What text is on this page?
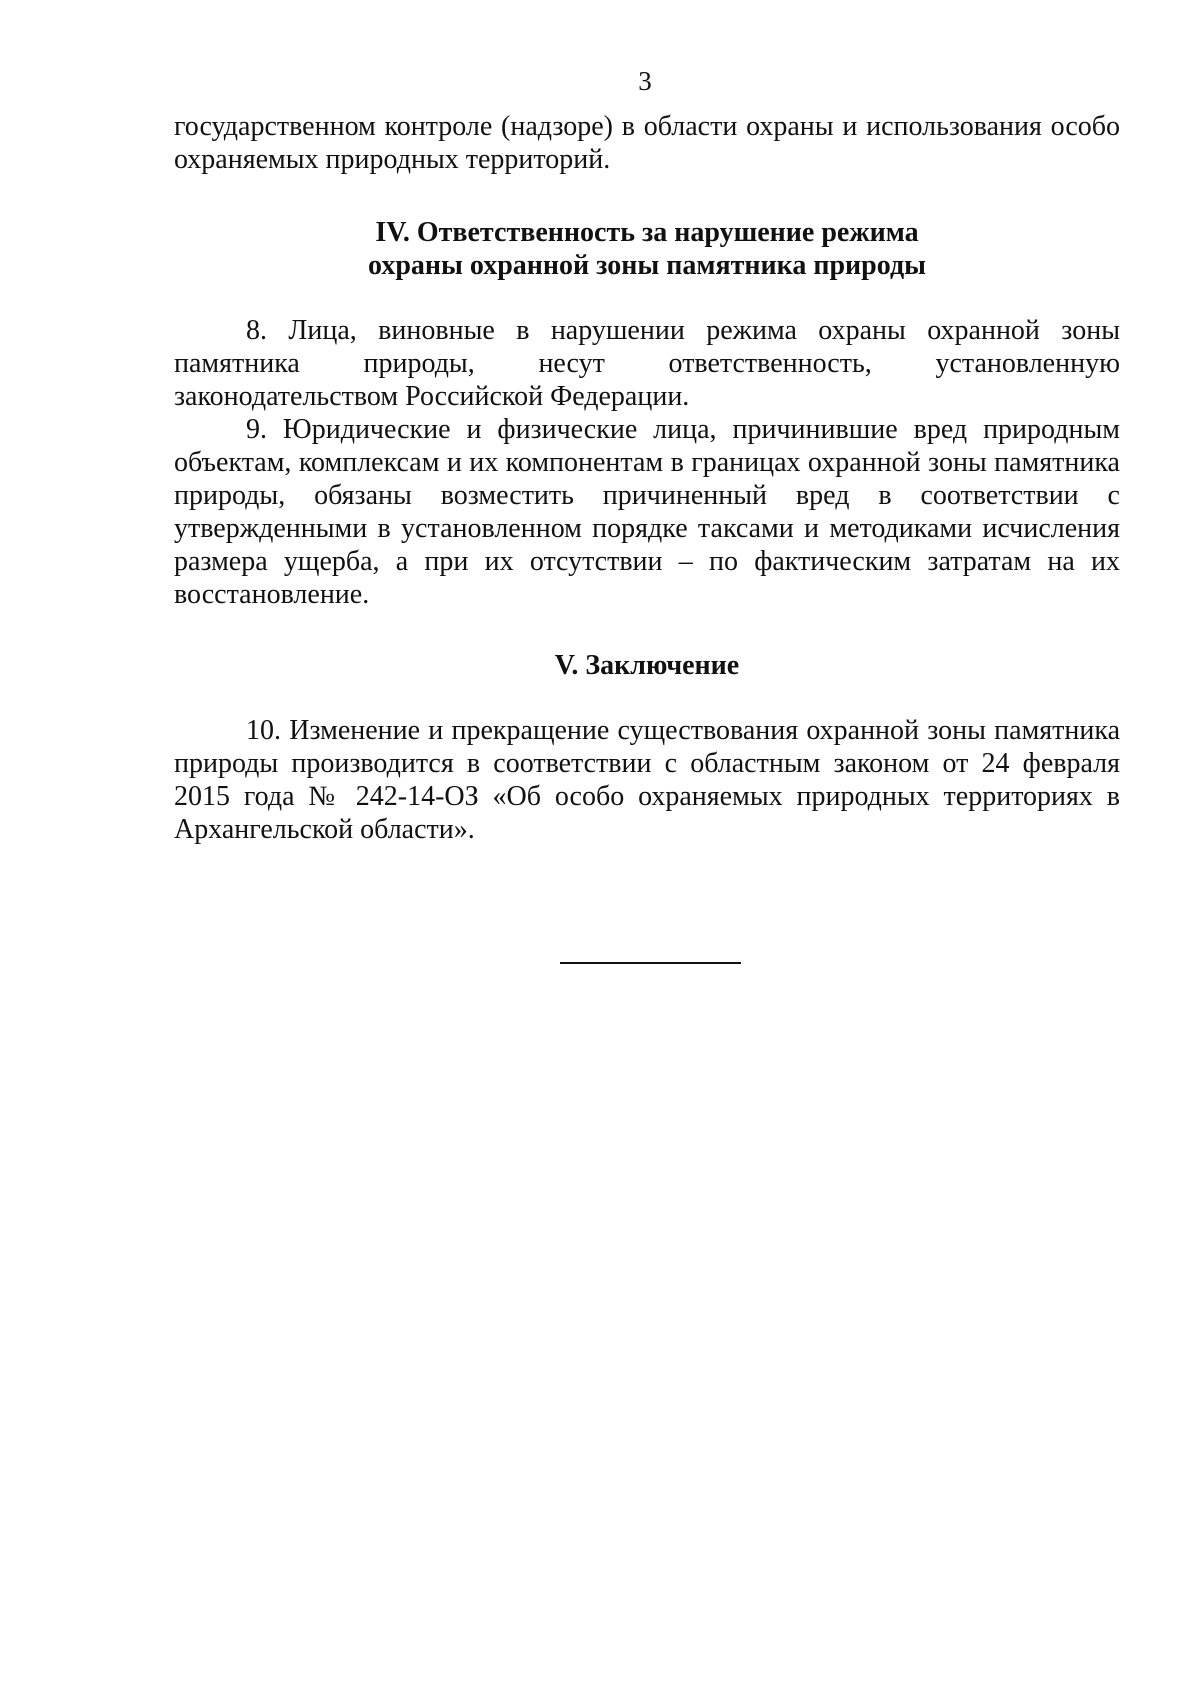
3

государственном контроле (надзоре) в области охраны и использования особо охраняемых природных территорий.

IV. Ответственность за нарушение режима
охраны охранной зоны памятника природы

8. Лица, виновные в нарушении режима охраны охранной зоны памятника природы, несут ответственность, установленную законодательством Российской Федерации.

9. Юридические и физические лица, причинившие вред природным объектам, комплексам и их компонентам в границах охранной зоны памятника природы, обязаны возместить причиненный вред в соответствии с утвержденными в установленном порядке таксами и методиками исчисления размера ущерба, а при их отсутствии – по фактическим затратам на их восстановление.

V. Заключение

10. Изменение и прекращение существования охранной зоны памятника природы производится в соответствии с областным законом от 24 февраля 2015 года № 242-14-ОЗ «Об особо охраняемых природных территориях в Архангельской области».
